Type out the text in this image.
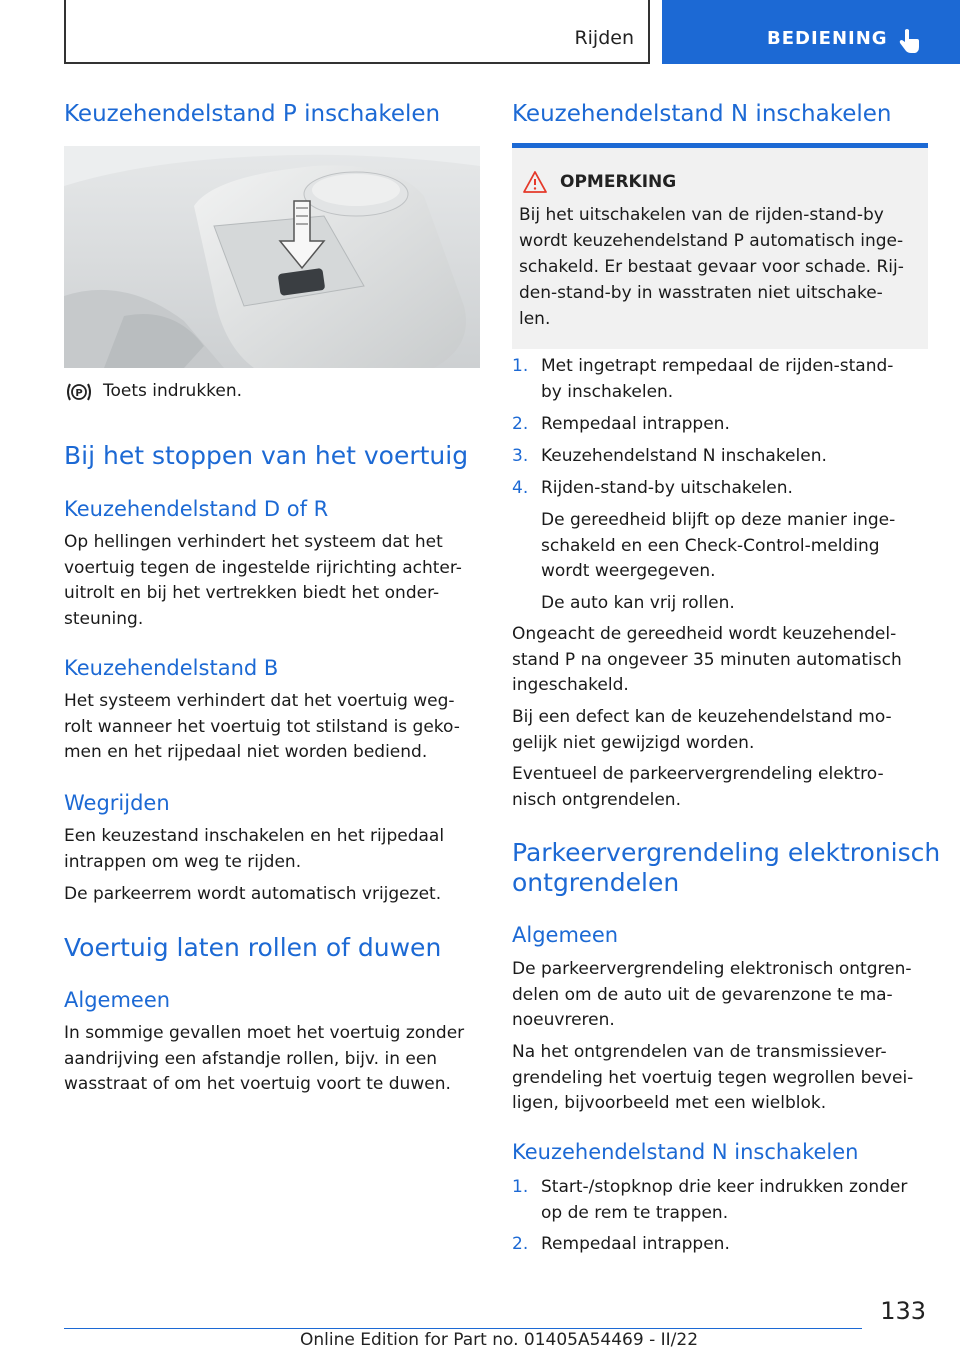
Rijden	BEDIENING
Keuzehendelstand P inschakelen
P Toets indrukken.
Bij het stoppen van het voertuig
Keuzehendelstand D of R
Op hellingen verhindert het systeem dat het
voertuig tegen de ingestelde rijrichting achter-
uitrolt en bij het vertrekken biedt het onder-
steuning.
Keuzehendelstand B
Het systeem verhindert dat het voertuig weg-
rolt wanneer het voertuig tot stilstand is geko-
men en het rijpedaal niet worden bediend.
Wegrijden
Een keuzestand inschakelen en het rijpedaal
intrappen om weg te rijden.
De parkeerrem wordt automatisch vrijgezet.
Voertuig laten rollen of duwen
Algemeen
In sommige gevallen moet het voertuig zonder
aandrijving een afstandje rollen, bijv. in een
wasstraat of om het voertuig voort te duwen.
Keuzehendelstand N inschakelen
OPMERKING
Bij het uitschakelen van de rijden-stand-by
wordt keuzehendelstand P automatisch inge-
schakeld. Er bestaat gevaar voor schade. Rij-
den-stand-by in wasstraten niet uitschake-
len.
1. Met ingetrapt rempedaal de rijden-stand-
by inschakelen.
2. Rempedaal intrappen.
3. Keuzehendelstand N inschakelen.
4. Rijden-stand-by uitschakelen.
De gereedheid blijft op deze manier inge-
schakeld en een Check-Control-melding
wordt weergegeven.
De auto kan vrij rollen.
Ongeacht de gereedheid wordt keuzehendel-
stand P na ongeveer 35 minuten automatisch
ingeschakeld.
Bij een defect kan de keuzehendelstand mo-
gelijk niet gewijzigd worden.
Eventueel de parkeervergrendeling elektro-
nisch ontgrendelen.
Parkeervergrendeling elektronisch
ontgrendelen
Algemeen
De parkeervergrendeling elektronisch ontgren-
delen om de auto uit de gevarenzone te ma-
noeuvreren.
Na het ontgrendelen van de transmissiever-
grendeling het voertuig tegen wegrollen bevei-
ligen, bijvoorbeeld met een wielblok.
Keuzehendelstand N inschakelen
1. Start-/stopknop drie keer indrukken zonder
op de rem te trappen.
2. Rempedaal intrappen.
133
Online Edition for Part no. 01405A54469 - II/22
